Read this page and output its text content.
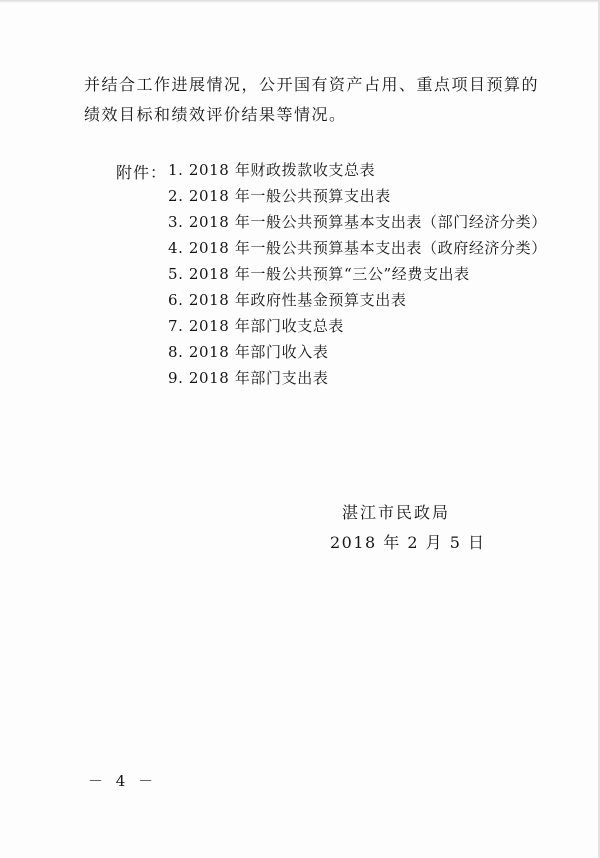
并结合工作进展情况，公开国有资产占用、重点项目预算的
绩效目标和绩效评价结果等情况。
附件： 1. 2018 年财政拨款收支总表
2. 2018 年一般公共预算支出表
3. 2018 年一般公共预算基本支出表（部门经济分类）
4. 2018 年一般公共预算基本支出表（政府经济分类）
5. 2018 年一般公共预算“三公”经费支出表
6. 2018 年政府性基金预算支出表
7. 2018 年部门收支总表
8. 2018 年部门收入表
9. 2018 年部门支出表
湛江市民政局
2018 年 2 月 5 日
－ 4 －
